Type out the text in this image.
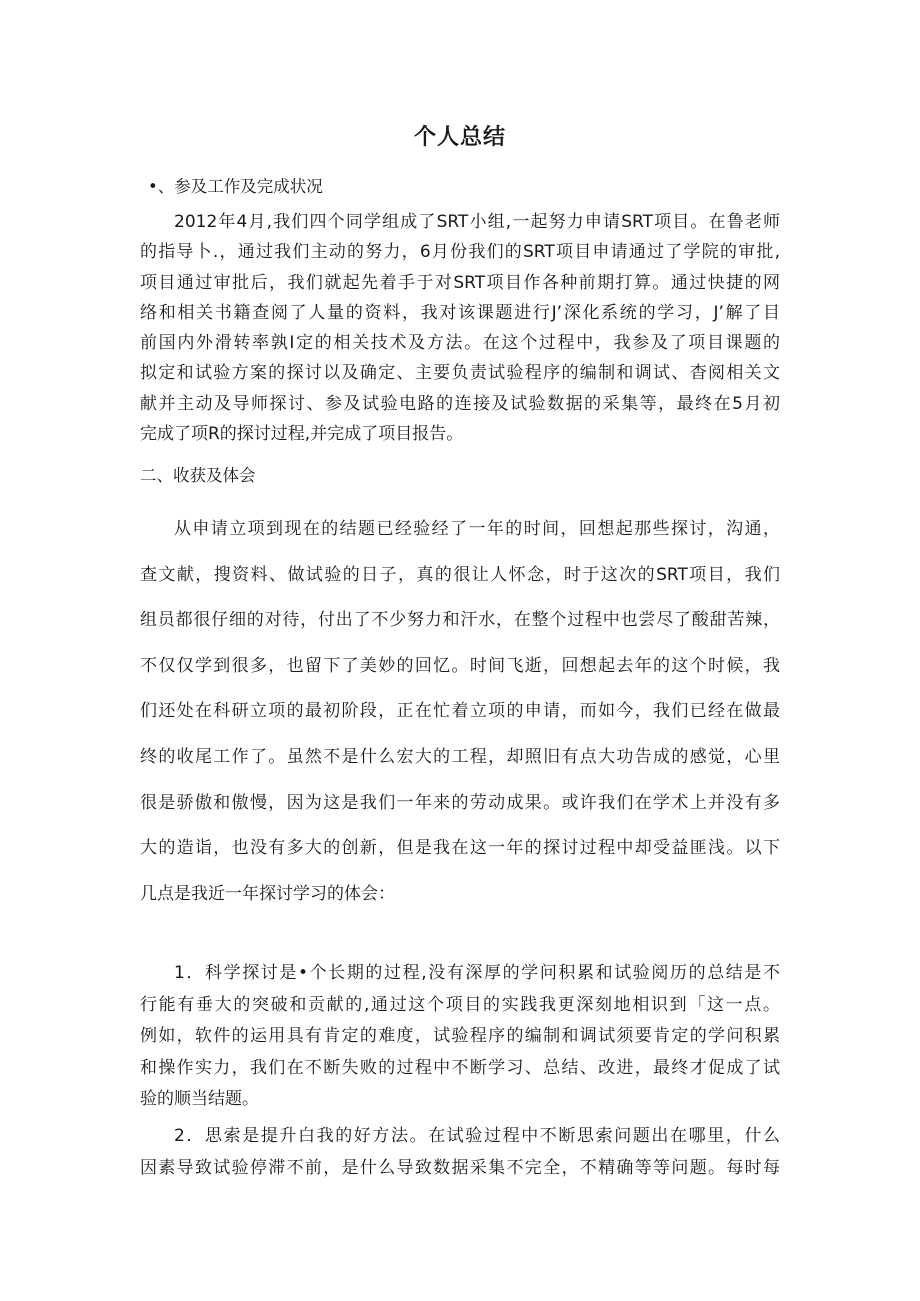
个人总结
•、参及工作及完成状况
2012年4月,我们四个同学组成了SRT小组,一起努力申请SRT项目。在鲁老师
的指导卜.，通过我们主动的努力，6月份我们的SRT项目申请通过了学院的审批,
项目通过审批后，我们就起先着手于对SRT项目作各种前期打算。通过快捷的网
络和相关书籍查阅了人量的资料，我对该课题进行J’深化系统的学习，J’解了目
前国内外滑转率孰I定的相关技术及方法。在这个过程中，我参及了项目课题的
拟定和试验方案的探讨以及确定、主要负责试验程序的编制和调试、杳阅相关文
献并主动及导师探讨、参及试验电路的连接及试验数据的采集等，最终在5月初
完成了项R的探讨过程,并完成了项目报告。
二、收获及体会
从申请立项到现在的结题已经验经了一年的时间，回想起那些探讨，沟通，
查文献，搜资料、做试验的日子，真的很让人怀念，时于这次的SRT项目，我们
组员都很仔细的对待，付出了不少努力和汗水，在整个过程中也尝尽了酸甜苦辣，
不仅仅学到很多，也留下了美妙的回忆。时间飞逝，回想起去年的这个时候，我
们还处在科研立项的最初阶段，正在忙着立项的申请，而如今，我们已经在做最
终的收尾工作了。虽然不是什么宏大的工程，却照旧有点大功告成的感觉，心里
很是骄傲和傲慢，因为这是我们一年来的劳动成果。或许我们在学术上并没有多
大的造诣，也没有多大的创新，但是我在这一年的探讨过程中却受益匪浅。以下
几点是我近一年探讨学习的体会：
1．科学探讨是•个长期的过程,没有深厚的学问积累和试验阅历的总结是不
行能有垂大的突破和贡献的,通过这个项目的实践我更深刻地相识到「这一点。
例如，软件的运用具有肯定的难度，试验程序的编制和调试须要肯定的学问积累
和操作实力，我们在不断失败的过程中不断学习、总结、改进，最终才促成了试
验的顺当结题。
2．思索是提升白我的好方法。在试验过程中不断思索问题出在哪里，什么
因素导致试验停滞不前，是什么导致数据采集不完全，不精确等等问题。每时每
